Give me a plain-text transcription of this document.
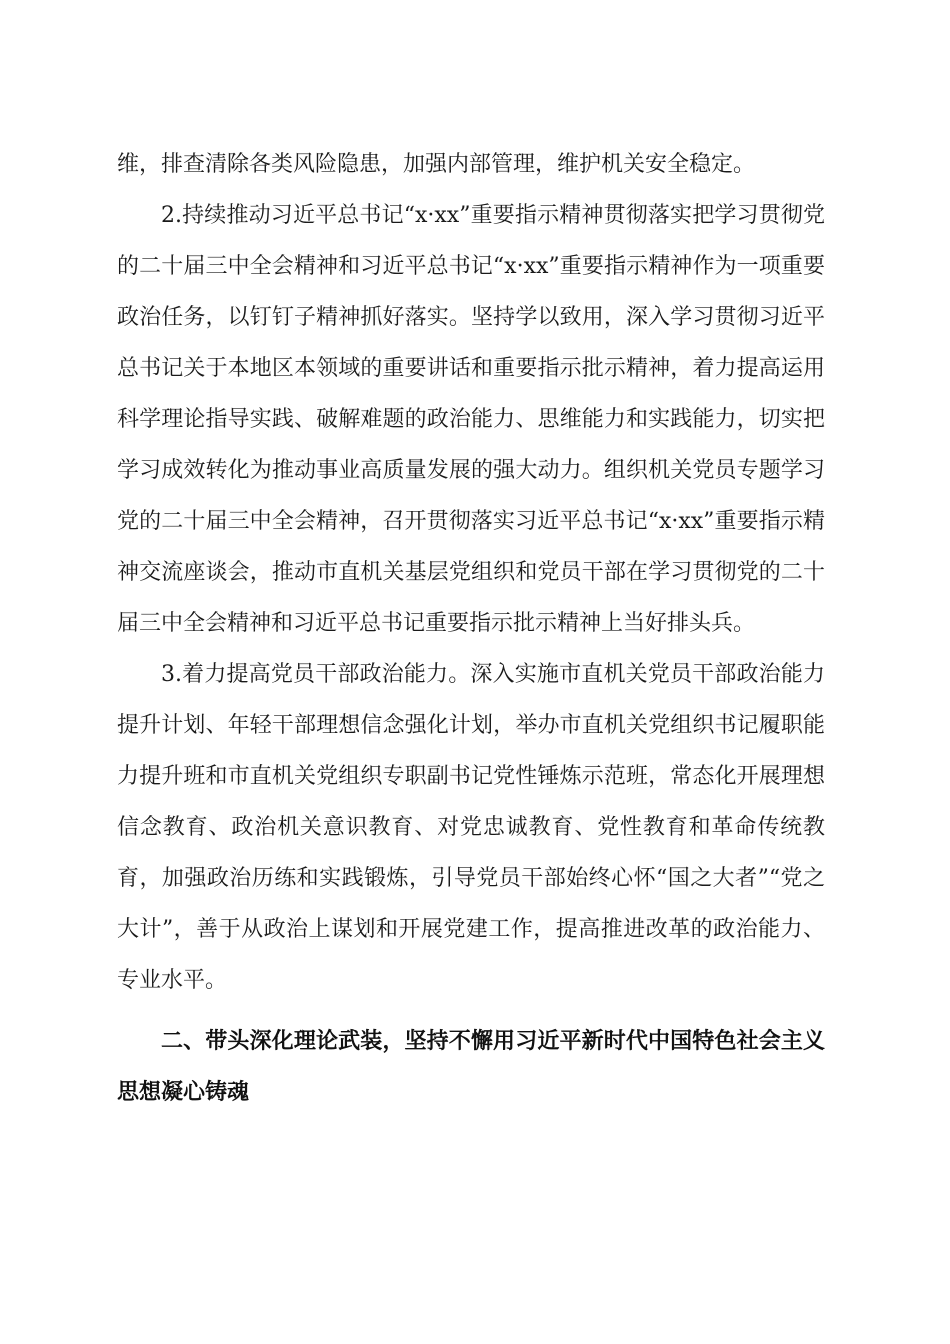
维，排查清除各类风险隐患，加强内部管理，维护机关安全稳定。

2.持续推动习近平总书记“x·xx”重要指示精神贯彻落实把学习贯彻党的二十届三中全会精神和习近平总书记“x·xx”重要指示精神作为一项重要政治任务，以钉钉子精神抓好落实。坚持学以致用，深入学习贯彻习近平总书记关于本地区本领域的重要讲话和重要指示批示精神，着力提高运用科学理论指导实践、破解难题的政治能力、思维能力和实践能力，切实把学习成效转化为推动事业高质量发展的强大动力。组织机关党员专题学习党的二十届三中全会精神，召开贯彻落实习近平总书记“x·xx”重要指示精神交流座谈会，推动市直机关基层党组织和党员干部在学习贯彻党的二十届三中全会精神和习近平总书记重要指示批示精神上当好排头兵。

3.着力提高党员干部政治能力。深入实施市直机关党员干部政治能力提升计划、年轻干部理想信念强化计划，举办市直机关党组织书记履职能力提升班和市直机关党组织专职副书记党性锤炼示范班，常态化开展理想信念教育、政治机关意识教育、对党忠诚教育、党性教育和革命传统教育，加强政治历练和实践锻炼，引导党员干部始终心怀“国之大者”“党之大计”，善于从政治上谋划和开展党建工作，提高推进改革的政治能力、专业水平。

二、带头深化理论武装，坚持不懈用习近平新时代中国特色社会主义思想凝心铸魂
